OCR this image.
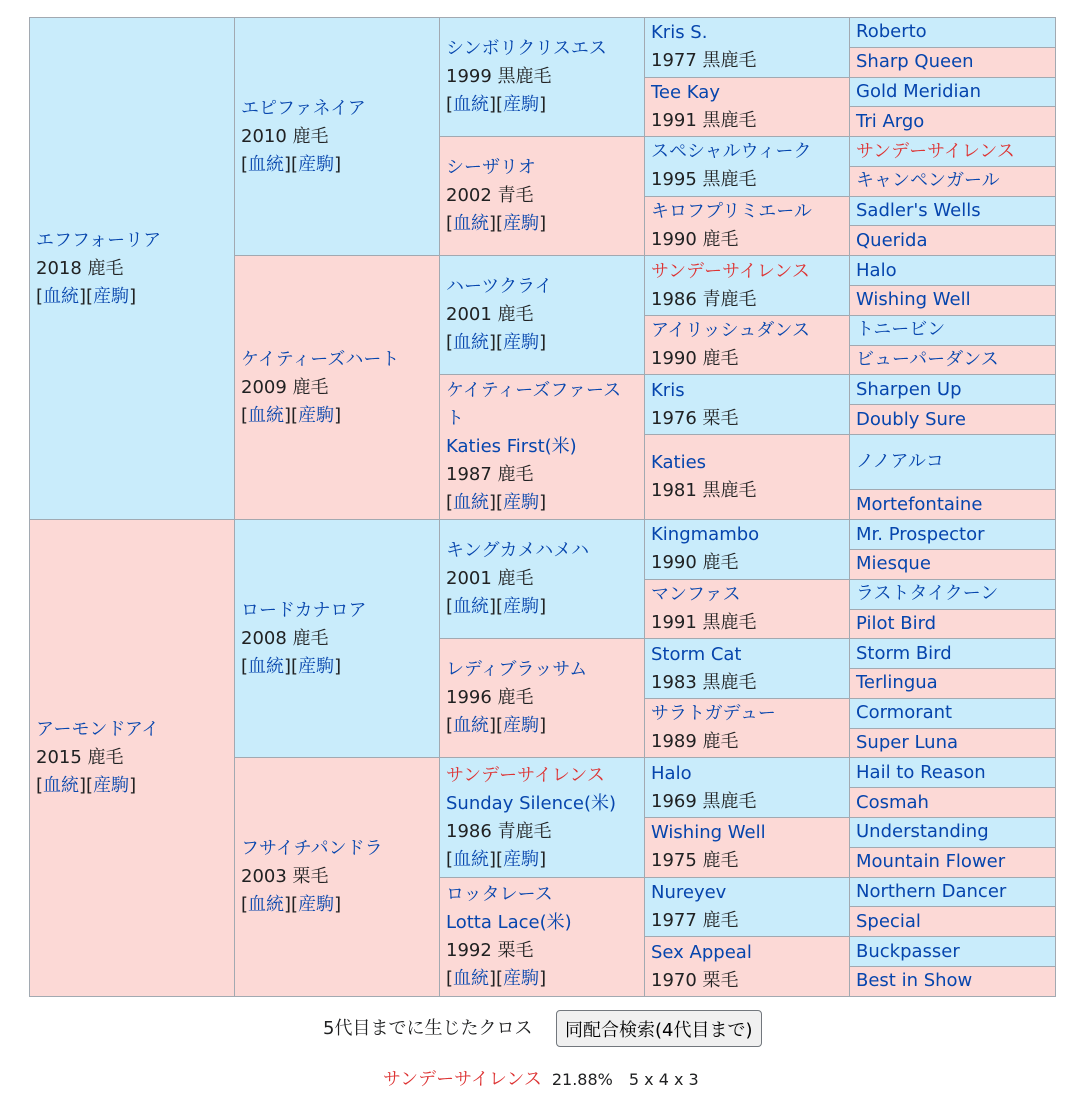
エフフォーリア
2018 鹿毛
[血統][産駒]	エピファネイア
2010 鹿毛
[血統][産駒]	シンボリクリスエス
1999 黒鹿毛
[血統][産駒]	Kris S.
1977 黒鹿毛	Roberto
				Sharp Queen

			Tee Kay
1991 黒鹿毛	Gold Meridian
				Tri Argo

		シーザリオ
2002 青毛
[血統][産駒]	スペシャルウィーク
1995 黒鹿毛	サンデーサイレンス
				キャンペンガール

			キロフプリミエール
1990 鹿毛	Sadler's Wells
				Querida

	ケイティーズハート
2009 鹿毛
[血統][産駒]	ハーツクライ
2001 鹿毛
[血統][産駒]	サンデーサイレンス
1986 青鹿毛	Halo
				Wishing Well

			アイリッシュダンス
1990 鹿毛	トニービン
				ビューパーダンス

		ケイティーズファースト
Katies First(米)
1987 鹿毛
[血統][産駒]	Kris
1976 栗毛	Sharpen Up
				Doubly Sure

			Katies
1981 黒鹿毛	ノノアルコ
				Mortefontaine

アーモンドアイ
2015 鹿毛
[血統][産駒]	ロードカナロア
2008 鹿毛
[血統][産駒]	キングカメハメハ
2001 鹿毛
[血統][産駒]	Kingmambo
1990 鹿毛	Mr. Prospector
				Miesque

			マンファス
1991 黒鹿毛	ラストタイクーン
				Pilot Bird

		レディブラッサム
1996 鹿毛
[血統][産駒]	Storm Cat
1983 黒鹿毛	Storm Bird
				Terlingua

			サラトガデュー
1989 鹿毛	Cormorant
				Super Luna

	フサイチパンドラ
2003 栗毛
[血統][産駒]	サンデーサイレンス
Sunday Silence(米)
1986 青鹿毛
[血統][産駒]	Halo
1969 黒鹿毛	Hail to Reason
				Cosmah

			Wishing Well
1975 鹿毛	Understanding
				Mountain Flower

		ロッタレース
Lotta Lace(米)
1992 栗毛
[血統][産駒]	Nureyev
1977 鹿毛	Northern Dancer
				Special

			Sex Appeal
1970 栗毛	Buckpasser
				Best in Show
5代目までに生じたクロス	同配合検索(4代目まで)
サンデーサイレンス 21.88%　5 x 4 x 3
